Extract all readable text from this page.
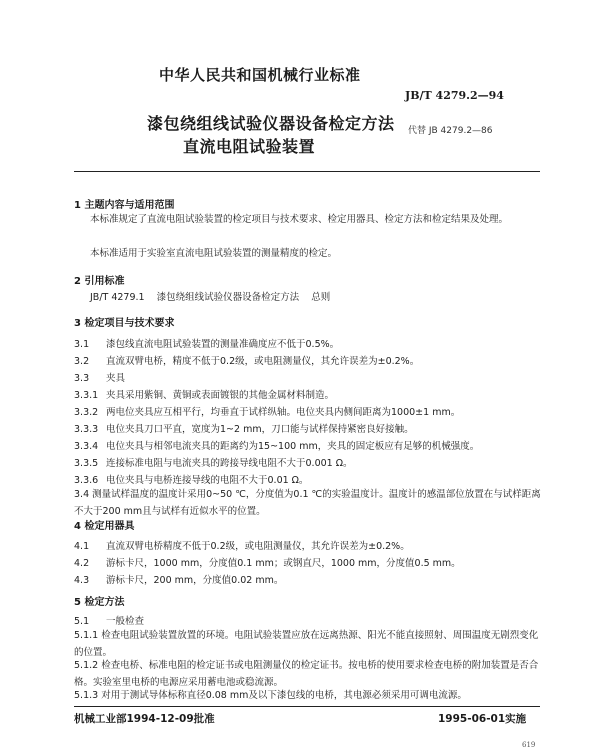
中华人民共和国机械行业标准
JB/T 4279.2—94
漆包绕组线试验仪器设备检定方法
直流电阻试验装置
代替 JB 4279.2—86
1 主题内容与适用范围
本标准规定了直流电阻试验装置的检定项目与技术要求、检定用器具、检定方法和检定结果及处理。
本标准适用于实验室直流电阻试验装置的测量精度的检定。
2 引用标准
JB/T 4279.1    漆包绕组线试验仪器设备检定方法    总则
3 检定项目与技术要求
3.1 漆包线直流电阻试验装置的测量准确度应不低于0.5%。
3.2 直流双臂电桥，精度不低于0.2级，或电阻测量仪，其允许误差为±0.2%。
3.3 夹具
3.3.1 夹具采用紫铜、黄铜或表面镀银的其他金属材料制造。
3.3.2 两电位夹具应互相平行，均垂直于试样纵轴。电位夹具内侧间距离为1000±1 mm。
3.3.3 电位夹具刀口平直，宽度为1~2 mm，刀口能与试样保持紧密良好接触。
3.3.4 电位夹具与相邻电流夹具的距离约为15~100 mm，夹具的固定板应有足够的机械强度。
3.3.5 连接标准电阻与电流夹具的跨接导线电阻不大于0.001 Ω。
3.3.6 电位夹具与电桥连接导线的电阻不大于0.01 Ω。
3.4 测量试样温度的温度计采用0~50 ℃，分度值为0.1 ℃的实验温度计。温度计的感温部位放置在与试样距离不大于200 mm且与试样有近似水平的位置。
4 检定用器具
4.1 直流双臂电桥精度不低于0.2级，或电阻测量仪，其允许误差为±0.2%。
4.2 游标卡尺，1000 mm，分度值0.1 mm；或钢直尺，1000 mm，分度值0.5 mm。
4.3 游标卡尺，200 mm，分度值0.02 mm。
5 检定方法
5.1 一般检查
5.1.1 检查电阻试验装置放置的环境。电阻试验装置应放在远离热源、阳光不能直接照射、周围温度无剧烈变化的位置。
5.1.2 检查电桥、标准电阻的检定证书或电阻测量仪的检定证书。按电桥的使用要求检查电桥的附加装置是否合格。实验室里电桥的电源应采用蓄电池或稳流源。
5.1.3 对用于测试导体标称直径0.08 mm及以下漆包线的电桥，其电源必须采用可调电流源。
机械工业部1994-12-09批准	1995-06-01实施
619
